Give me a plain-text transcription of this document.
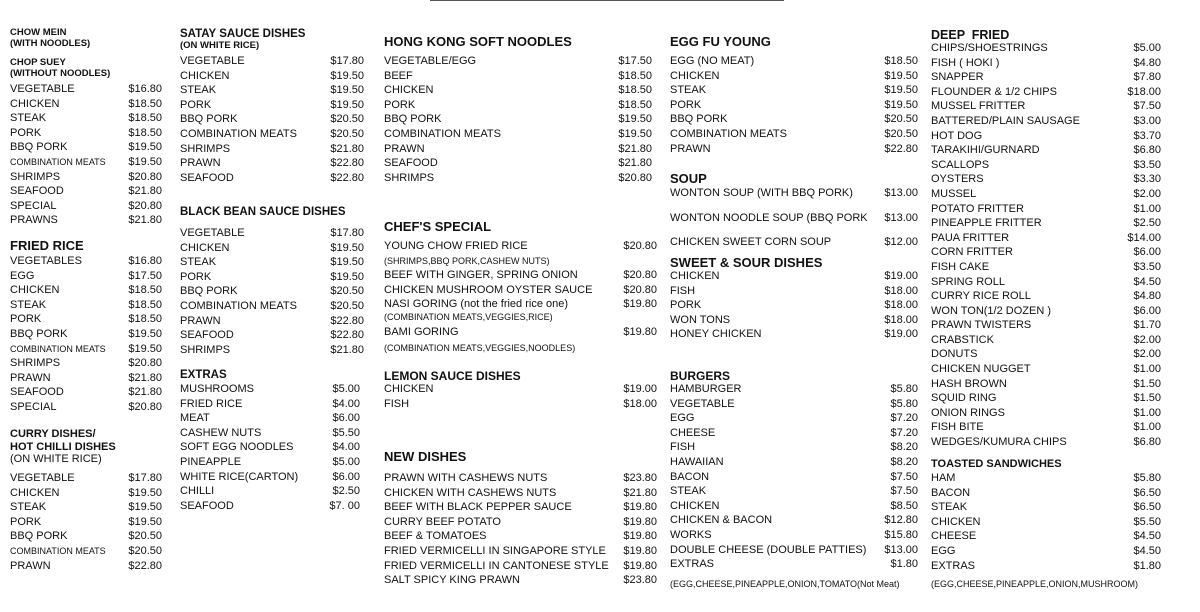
CHOW MEIN
(WITH NOODLES)
CHOP SUEY
(WITHOUT NOODLES)
VEGETABLE	$16.80
CHICKEN	$18.50
STEAK	$18.50
PORK	$18.50
BBQ PORK	$19.50
COMBINATION MEATS $19.50
SHRIMPS	$20.80
SEAFOOD	$21.80
SPECIAL	$20.80
PRAWNS	$21.80
FRIED RICE
VEGETABLES	$16.80
EGG	$17.50
CHICKEN	$18.50
STEAK	$18.50
PORK	$18.50
BBQ PORK	$19.50
COMBINATION MEATS $19.50
SHRIMPS	$20.80
PRAWN	$21.80
SEAFOOD	$21.80
SPECIAL	$20.80
CURRY DISHES/
HOT CHILLI DISHES
(ON WHITE RICE)
VEGETABLE	$17.80
CHICKEN	$19.50
STEAK	$19.50
PORK	$19.50
BBQ PORK	$20.50
COMBINATION MEATS $20.50
PRAWN	$22.80
SATAY SAUCE DISHES
(ON WHITE RICE)
VEGETABLE	$17.80
CHICKEN	$19.50
STEAK	$19.50
PORK	$19.50
BBQ PORK	$20.50
COMBINATION MEATS	$20.50
SHRIMPS	$21.80
PRAWN	$22.80
SEAFOOD	$22.80
BLACK BEAN SAUCE DISHES
VEGETABLE	$17.80
CHICKEN	$19.50
STEAK	$19.50
PORK	$19.50
BBQ PORK	$20.50
COMBINATION MEATS	$20.50
PRAWN	$22.80
SEAFOOD	$22.80
SHRIMPS	$21.80
EXTRAS
MUSHROOMS	$5.00
FRIED RICE	$4.00
MEAT	$6.00
CASHEW NUTS	$5.50
SOFT EGG NOODLES	$4.00
PINEAPPLE	$5.00
WHITE RICE(CARTON)	$6.00
CHILLI	$2.50
SEAFOOD	$7. 00
HONG KONG SOFT NOODLES
VEGETABLE/EGG	$17.50
BEEF	$18.50
CHICKEN	$18.50
PORK	$18.50
BBQ PORK	$19.50
COMBINATION MEATS	$19.50
PRAWN	$21.80
SEAFOOD	$21.80
SHRIMPS	$20.80
CHEF'S SPECIAL
YOUNG CHOW FRIED RICE	$20.80
(SHRIMPS,BBQ PORK,CASHEW NUTS)
BEEF WITH GINGER, SPRING ONION	$20.80
CHICKEN MUSHROOM OYSTER SAUCE	$20.80
NASI GORING (not the fried rice one)	$19.80
(COMBINATION MEATS,VEGGIES,RICE)
BAMI GORING	$19.80
(COMBINATION MEATS,VEGGIES,NOODLES)
LEMON SAUCE DISHES
CHICKEN	$19.00
FISH	$18.00
NEW DISHES
PRAWN WITH CASHEWS NUTS	$23.80
CHICKEN WITH CASHEWS NUTS	$21.80
BEEF WITH BLACK PEPPER SAUCE	$19.80
CURRY BEEF POTATO	$19.80
BEEF & TOMATOES	$19.80
FRIED VERMICELLI IN SINGAPORE STYLE $19.80
FRIED VERMICELLI IN CANTONESE STYLE $19.80
SALT SPICY KING PRAWN	$23.80
EGG FU YOUNG
EGG (NO MEAT)	$18.50
CHICKEN	$19.50
STEAK	$19.50
PORK	$19.50
BBQ PORK	$20.50
COMBINATION MEATS	$20.50
PRAWN	$22.80
SOUP
WONTON SOUP (WITH BBQ PORK)	$13.00
WONTON NOODLE SOUP (BBQ PORK $13.00
CHICKEN SWEET CORN SOUP	$12.00
SWEET & SOUR DISHES
CHICKEN	$19.00
FISH	$18.00
PORK	$18.00
WON TONS	$18.00
HONEY CHICKEN	$19.00
BURGERS
HAMBURGER	$5.80
VEGETABLE	$5.80
EGG	$7.20
CHEESE	$7.20
FISH	$8.20
HAWAIIAN	$8.20
BACON	$7.50
STEAK	$7.50
CHICKEN	$8.50
CHICKEN & BACON	$12.80
WORKS	$15.80
DOUBLE CHEESE (DOUBLE PATTIES) $13.00
EXTRAS	$1.80
(EGG,CHEESE,PINEAPPLE,ONION,TOMATO(Not Meat)
DEEP  FRIED
CHIPS/SHOESTRINGS	$5.00
FISH ( HOKI )	$4.80
SNAPPER	$7.80
FLOUNDER & 1/2 CHIPS	$18.00
MUSSEL FRITTER	$7.50
BATTERED/PLAIN SAUSAGE	$3.00
HOT DOG	$3.70
TARAKIHI/GURNARD	$6.80
SCALLOPS	$3.50
OYSTERS	$3.30
MUSSEL	$2.00
POTATO FRITTER	$1.00
PINEAPPLE FRITTER	$2.50
PAUA FRITTER	$14.00
CORN FRITTER	$6.00
FISH CAKE	$3.50
SPRING ROLL	$4.50
CURRY RICE ROLL	$4.80
WON TON(1/2 DOZEN )	$6.00
PRAWN TWISTERS	$1.70
CRABSTICK	$2.00
DONUTS	$2.00
CHICKEN NUGGET	$1.00
HASH BROWN	$1.50
SQUID RING	$1.50
ONION RINGS	$1.00
FISH BITE	$1.00
WEDGES/KUMURA CHIPS	$6.80
TOASTED SANDWICHES
HAM	$5.80
BACON	$6.50
STEAK	$6.50
CHICKEN	$5.50
CHEESE	$4.50
EGG	$4.50
EXTRAS	$1.80
(EGG,CHEESE,PINEAPPLE,ONION,MUSHROOM)
